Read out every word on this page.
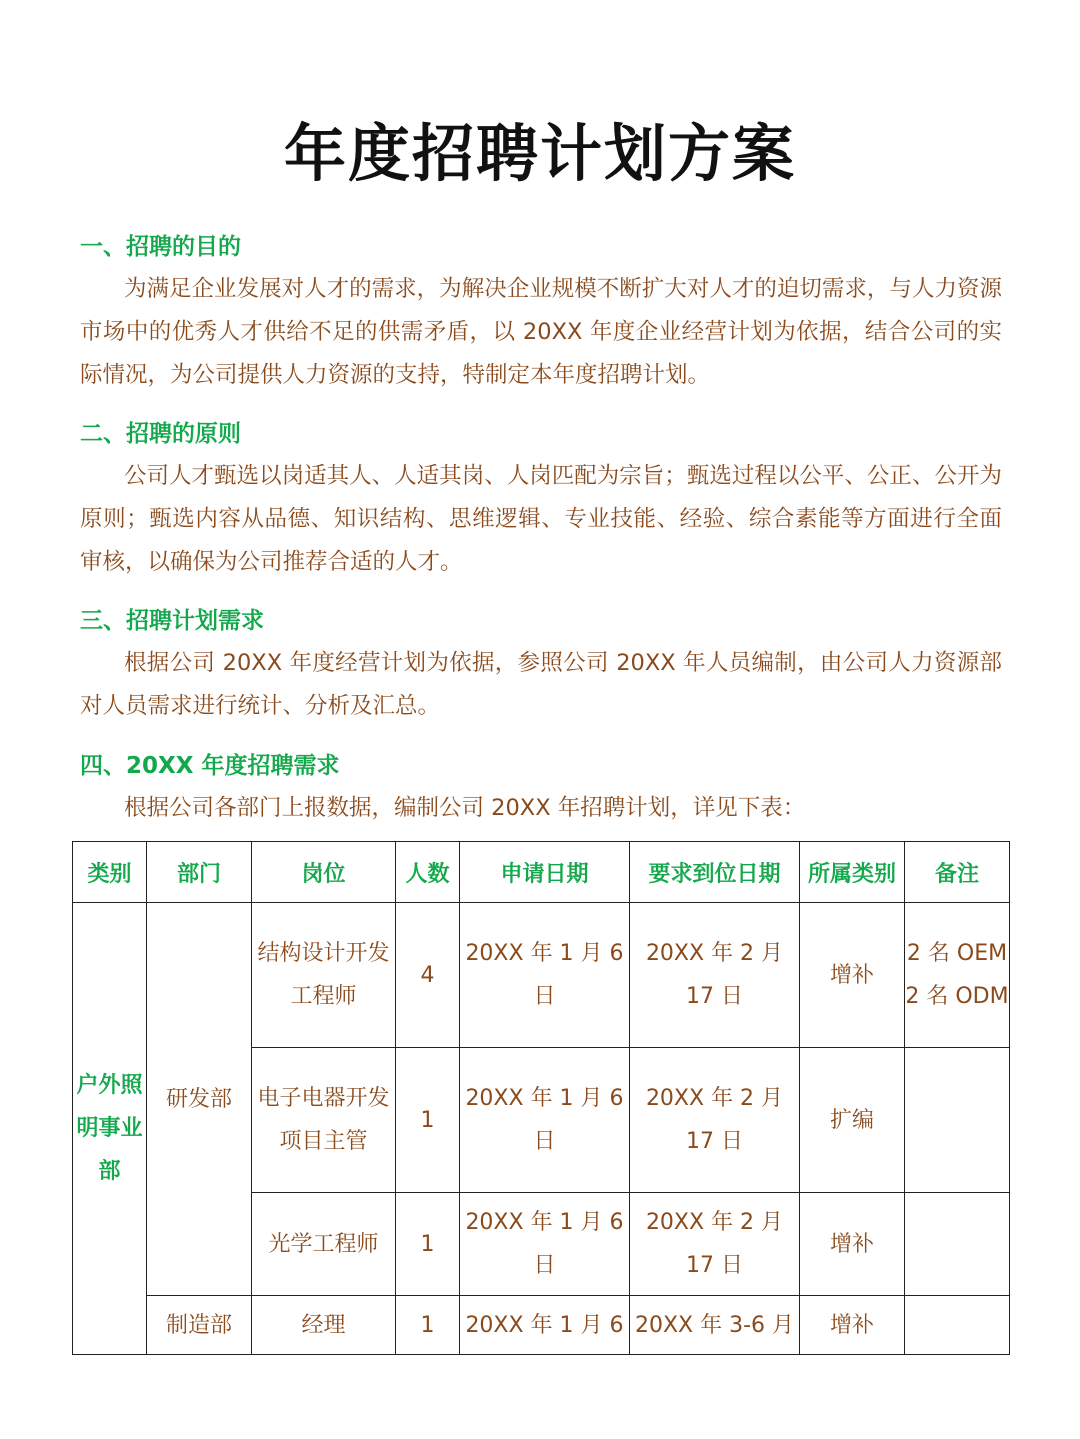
年度招聘计划方案
一、招聘的目的
为满足企业发展对人才的需求，为解决企业规模不断扩大对人才的迫切需求，与人力资源市场中的优秀人才供给不足的供需矛盾，以 20XX 年度企业经营计划为依据，结合公司的实际情况，为公司提供人力资源的支持，特制定本年度招聘计划。
二、招聘的原则
公司人才甄选以岗适其人、人适其岗、人岗匹配为宗旨；甄选过程以公平、公正、公开为原则；甄选内容从品德、知识结构、思维逻辑、专业技能、经验、综合素能等方面进行全面审核，以确保为公司推荐合适的人才。
三、招聘计划需求
根据公司 20XX 年度经营计划为依据，参照公司 20XX 年人员编制，由公司人力资源部对人员需求进行统计、分析及汇总。
四、20XX 年度招聘需求
根据公司各部门上报数据，编制公司 20XX 年招聘计划，详见下表：
类别	部门	岗位	人数	申请日期	要求到位日期	所属类别	备注
户外照明事业部	研发部	结构设计开发工程师	4	20XX 年 1 月 6 日	20XX 年 2 月 17 日	增补	2 名 OEM 2 名 ODM
		电子电器开发项目主管	1	20XX 年 1 月 6 日	20XX 年 2 月 17 日	扩编	
		光学工程师	1	20XX 年 1 月 6 日	20XX 年 2 月 17 日	增补	
	制造部	经理	1	20XX 年 1 月 6	20XX 年 3-6 月	增补	
